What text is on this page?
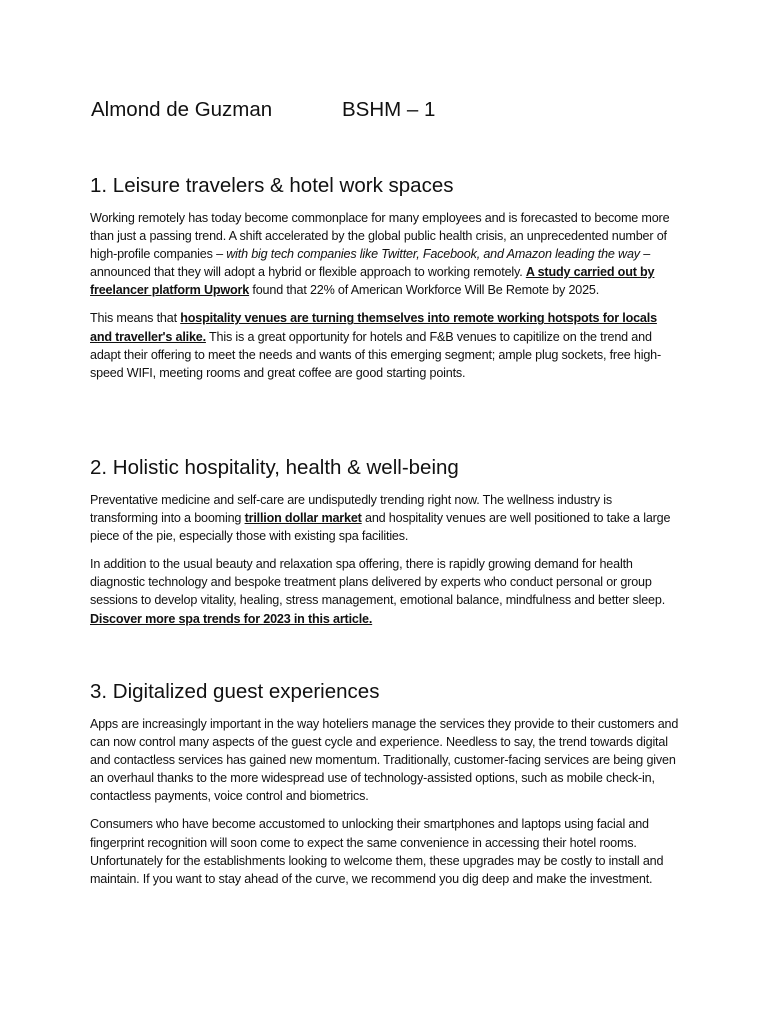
Almond de Guzman	BSHM – 1
1. Leisure travelers & hotel work spaces

Working remotely has today become commonplace for many employees and is forecasted to become more than just a passing trend. A shift accelerated by the global public health crisis, an unprecedented number of high-profile companies – with big tech companies like Twitter, Facebook, and Amazon leading the way – announced that they will adopt a hybrid or flexible approach to working remotely. A study carried out by freelancer platform Upwork found that 22% of American Workforce Will Be Remote by 2025.

This means that hospitality venues are turning themselves into remote working hotspots for locals and traveller's alike. This is a great opportunity for hotels and F&B venues to capitilize on the trend and adapt their offering to meet the needs and wants of this emerging segment; ample plug sockets, free high-speed WIFI, meeting rooms and great coffee are good starting points.

2. Holistic hospitality, health & well-being

Preventative medicine and self-care are undisputedly trending right now. The wellness industry is transforming into a booming trillion dollar market and hospitality venues are well positioned to take a large piece of the pie, especially those with existing spa facilities.

In addition to the usual beauty and relaxation spa offering, there is rapidly growing demand for health diagnostic technology and bespoke treatment plans delivered by experts who conduct personal or group sessions to develop vitality, healing, stress management, emotional balance, mindfulness and better sleep. Discover more spa trends for 2023 in this article.

3. Digitalized guest experiences

Apps are increasingly important in the way hoteliers manage the services they provide to their customers and can now control many aspects of the guest cycle and experience. Needless to say, the trend towards digital and contactless services has gained new momentum. Traditionally, customer-facing services are being given an overhaul thanks to the more widespread use of technology-assisted options, such as mobile check-in, contactless payments, voice control and biometrics.

Consumers who have become accustomed to unlocking their smartphones and laptops using facial and fingerprint recognition will soon come to expect the same convenience in accessing their hotel rooms. Unfortunately for the establishments looking to welcome them, these upgrades may be costly to install and maintain. If you want to stay ahead of the curve, we recommend you dig deep and make the investment.
